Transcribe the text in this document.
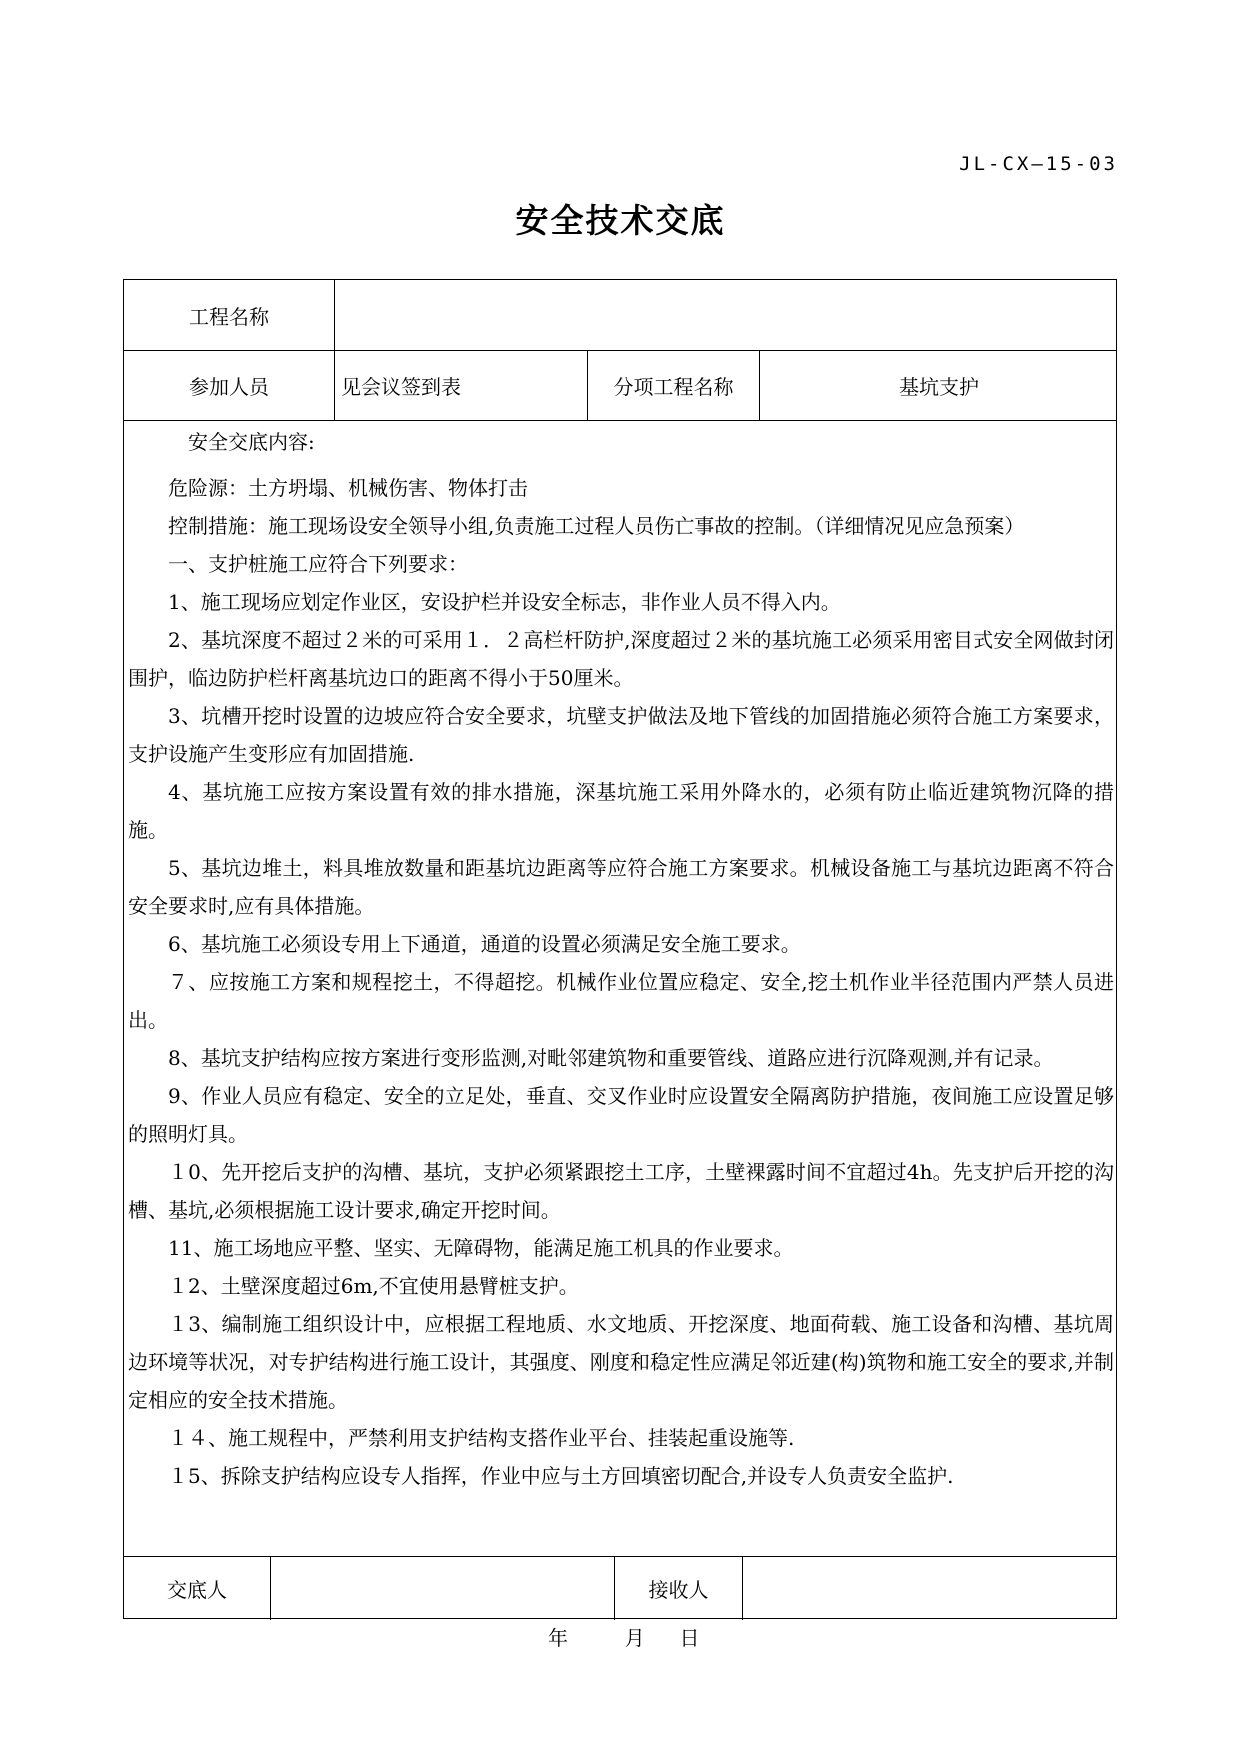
JL-CX—15-03
安全技术交底
工程名称
参加人员	见会议签到表	分项工程名称	基坑支护

安全交底内容:

危险源：土方坍塌、机械伤害、物体打击

控制措施：施工现场设安全领导小组,负责施工过程人员伤亡事故的控制。（详细情况见应急预案）

一、支护桩施工应符合下列要求：

1、施工现场应划定作业区，安设护栏并设安全标志，非作业人员不得入内。

2、基坑深度不超过２米的可采用１．２高栏杆防护,深度超过２米的基坑施工必须采用密目式安全网做封闭围护，临边防护栏杆离基坑边口的距离不得小于50厘米。

3、坑槽开挖时设置的边坡应符合安全要求，坑壁支护做法及地下管线的加固措施必须符合施工方案要求，支护设施产生变形应有加固措施.

4、基坑施工应按方案设置有效的排水措施，深基坑施工采用外降水的，必须有防止临近建筑物沉降的措施。

5、基坑边堆土，料具堆放数量和距基坑边距离等应符合施工方案要求。机械设备施工与基坑边距离不符合安全要求时,应有具体措施。

6、基坑施工必须设专用上下通道，通道的设置必须满足安全施工要求。

７、应按施工方案和规程挖土，不得超挖。机械作业位置应稳定、安全,挖土机作业半径范围内严禁人员进出。

8、基坑支护结构应按方案进行变形监测,对毗邻建筑物和重要管线、道路应进行沉降观测,并有记录。

9、作业人员应有稳定、安全的立足处，垂直、交叉作业时应设置安全隔离防护措施，夜间施工应设置足够的照明灯具。

１0、先开挖后支护的沟槽、基坑，支护必须紧跟挖土工序，土壁裸露时间不宜超过4h。先支护后开挖的沟槽、基坑,必须根据施工设计要求,确定开挖时间。

11、施工场地应平整、坚实、无障碍物，能满足施工机具的作业要求。

１2、土壁深度超过6m,不宜使用悬臂桩支护。

１3、编制施工组织设计中，应根据工程地质、水文地质、开挖深度、地面荷载、施工设备和沟槽、基坑周边环境等状况，对专护结构进行施工设计，其强度、刚度和稳定性应满足邻近建(构)筑物和施工安全的要求,并制定相应的安全技术措施。

１４、施工规程中，严禁利用支护结构支搭作业平台、挂装起重设施等.

１5、拆除支护结构应设专人指挥，作业中应与土方回填密切配合,并设专人负责安全监护.

交底人	接收人
年	月 日
